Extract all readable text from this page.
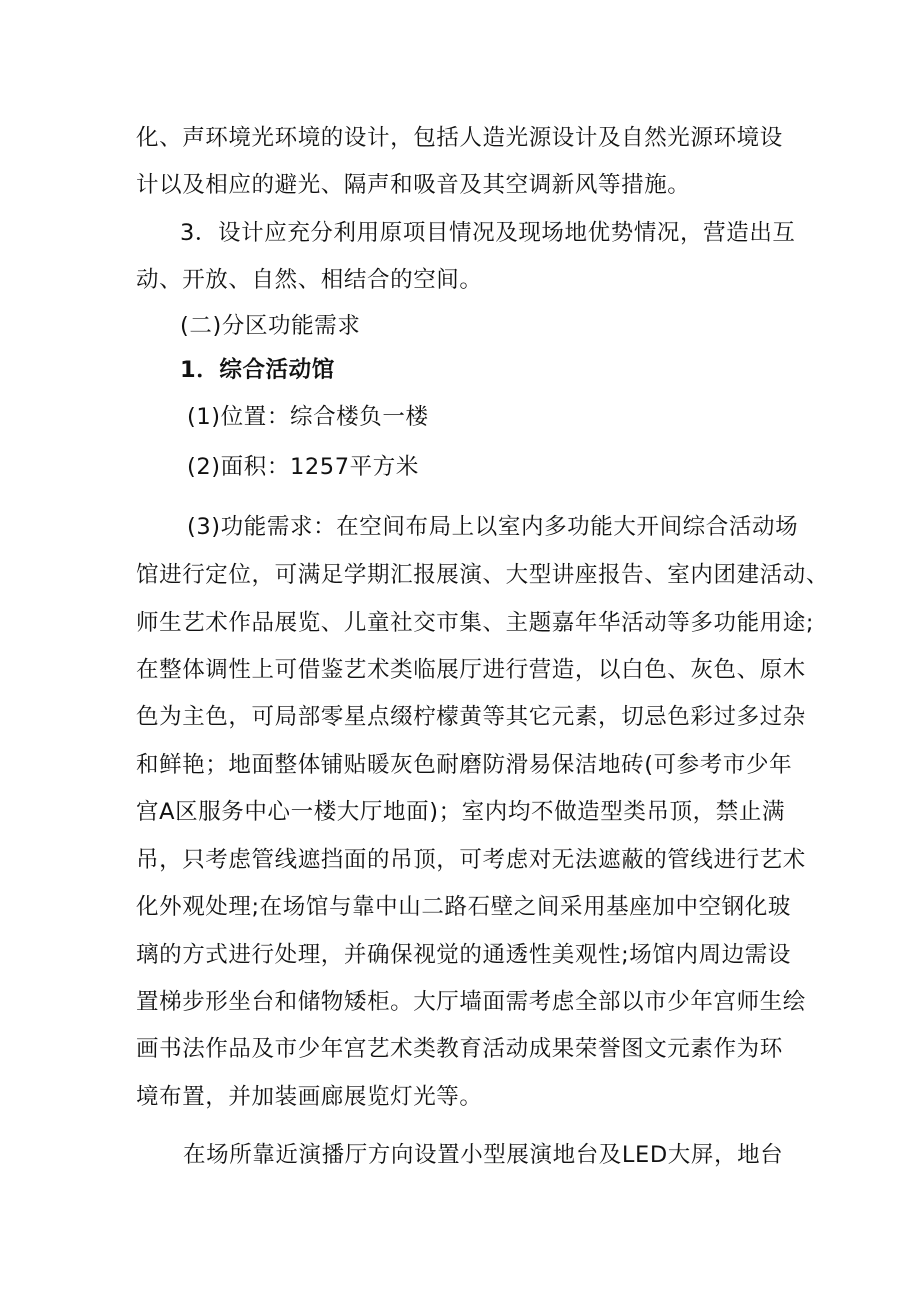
化、声环境光环境的设计，包括人造光源设计及自然光源环境设
计以及相应的避光、隔声和吸音及其空调新风等措施。
3．设计应充分利用原项目情况及现场地优势情况，营造出互
动、开放、自然、相结合的空间。
(二)分区功能需求
1．综合活动馆
(1)位置：综合楼负一楼
(2)面积：1257平方米
(3)功能需求：在空间布局上以室内多功能大开间综合活动场
馆进行定位，可满足学期汇报展演、大型讲座报告、室内团建活动、
师生艺术作品展览、儿童社交市集、主题嘉年华活动等多功能用途;
在整体调性上可借鉴艺术类临展厅进行营造，以白色、灰色、原木
色为主色，可局部零星点缀柠檬黄等其它元素，切忌色彩过多过杂
和鲜艳；地面整体铺贴暖灰色耐磨防滑易保洁地砖(可参考市少年
宫A区服务中心一楼大厅地面)；室内均不做造型类吊顶，禁止满
吊，只考虑管线遮挡面的吊顶，可考虑对无法遮蔽的管线进行艺术
化外观处理;在场馆与靠中山二路石壁之间采用基座加中空钢化玻
璃的方式进行处理，并确保视觉的通透性美观性;场馆内周边需设
置梯步形坐台和储物矮柜。大厅墙面需考虑全部以市少年宫师生绘
画书法作品及市少年宫艺术类教育活动成果荣誉图文元素作为环
境布置，并加装画廊展览灯光等。
在场所靠近演播厅方向设置小型展演地台及LED大屏，地台
